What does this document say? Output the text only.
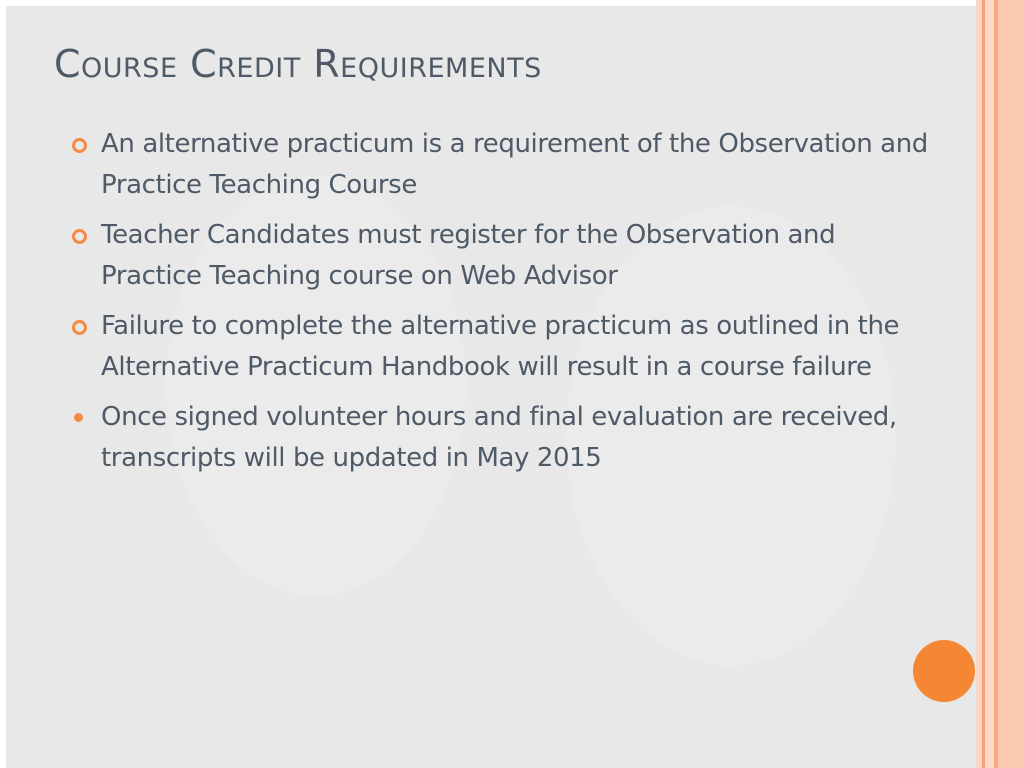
Course Credit Requirements
An alternative practicum is a requirement of the Observation and Practice Teaching Course
Teacher Candidates must register for the Observation and Practice Teaching course on Web Advisor
Failure to complete the alternative practicum as outlined in the Alternative Practicum Handbook will result in a course failure
Once signed volunteer hours and final evaluation are received, transcripts will be updated in May 2015
